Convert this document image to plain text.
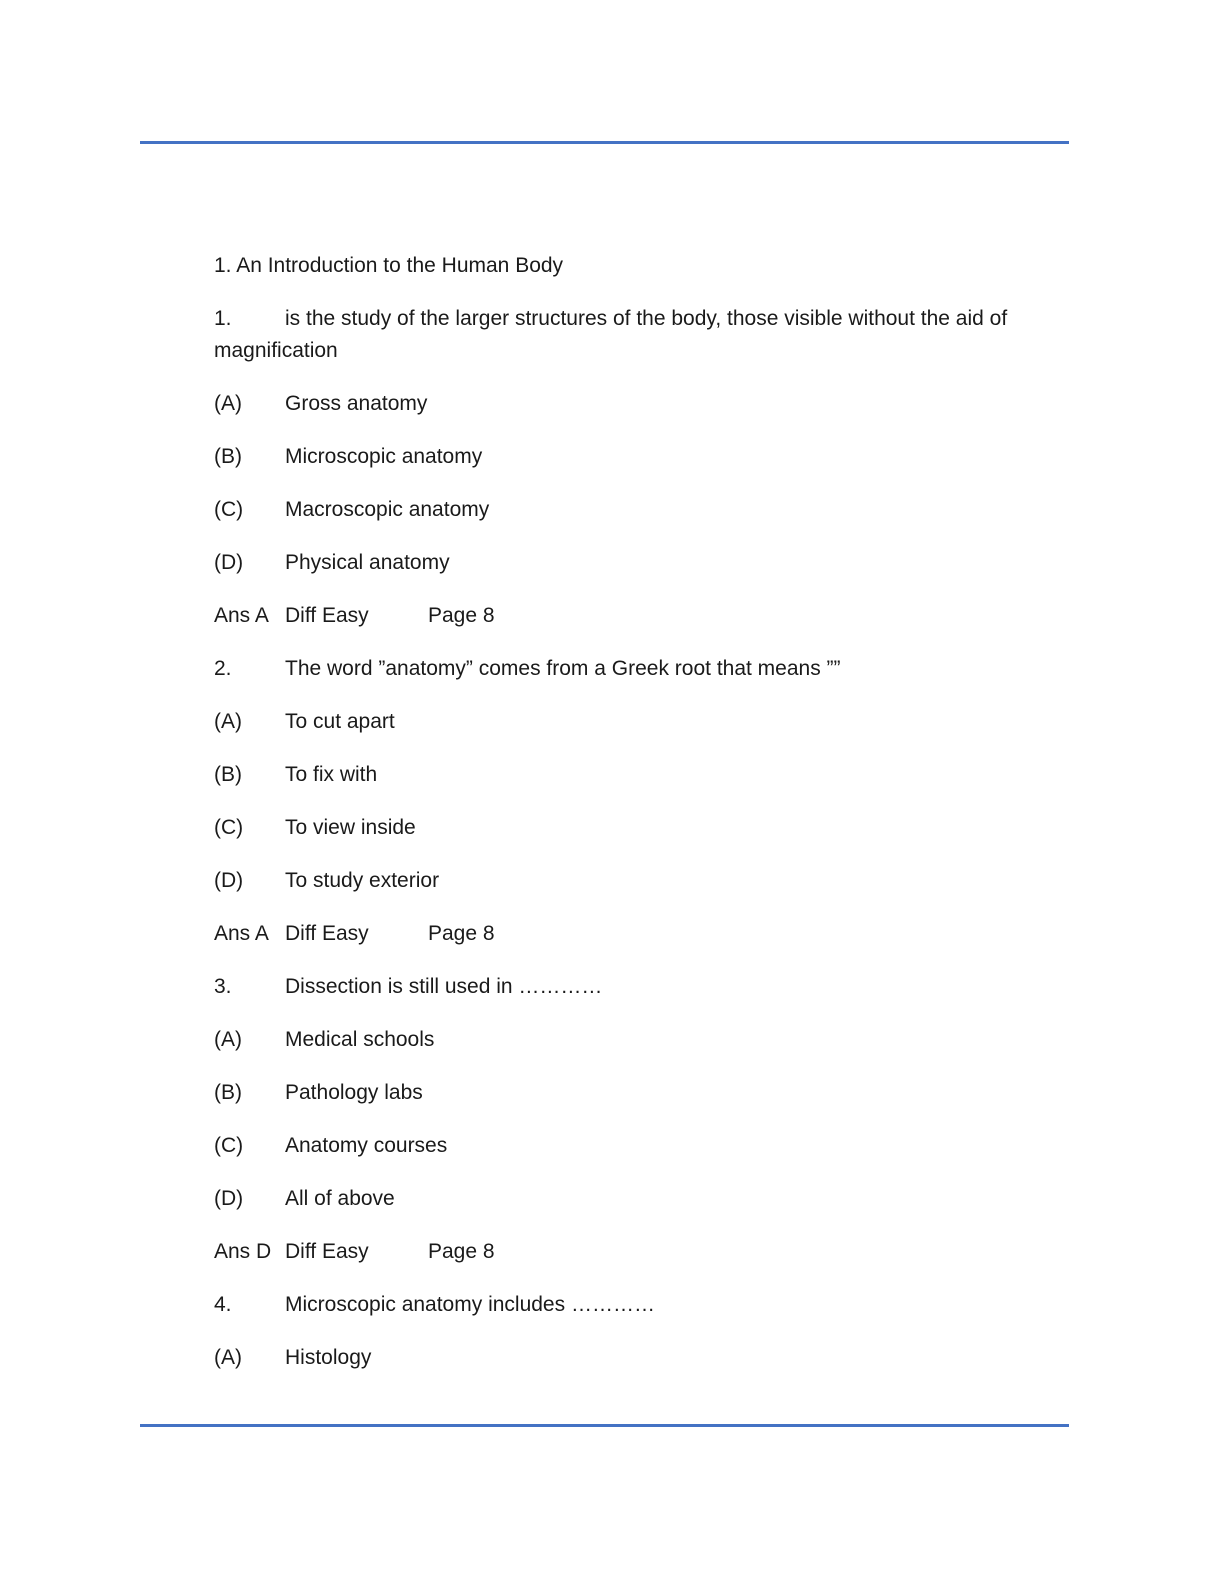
1. An Introduction to the Human Body

1.	is the study of the larger structures of the body, those visible without the aid of
magnification

(A) Gross anatomy

(B) Microscopic anatomy

(C) Macroscopic anatomy

(D) Physical anatomy

Ans A Diff Easy	Page 8

2.	The word ”anatomy” comes from a Greek root that means ””

(A) To cut apart

(B) To fix with

(C) To view inside

(D) To study exterior

Ans A Diff Easy	Page 8

3.	Dissection is still used in …………

(A) Medical schools

(B) Pathology labs

(C) Anatomy courses

(D) All of above

Ans D Diff Easy	Page 8

4.	Microscopic anatomy includes …………

(A) Histology
